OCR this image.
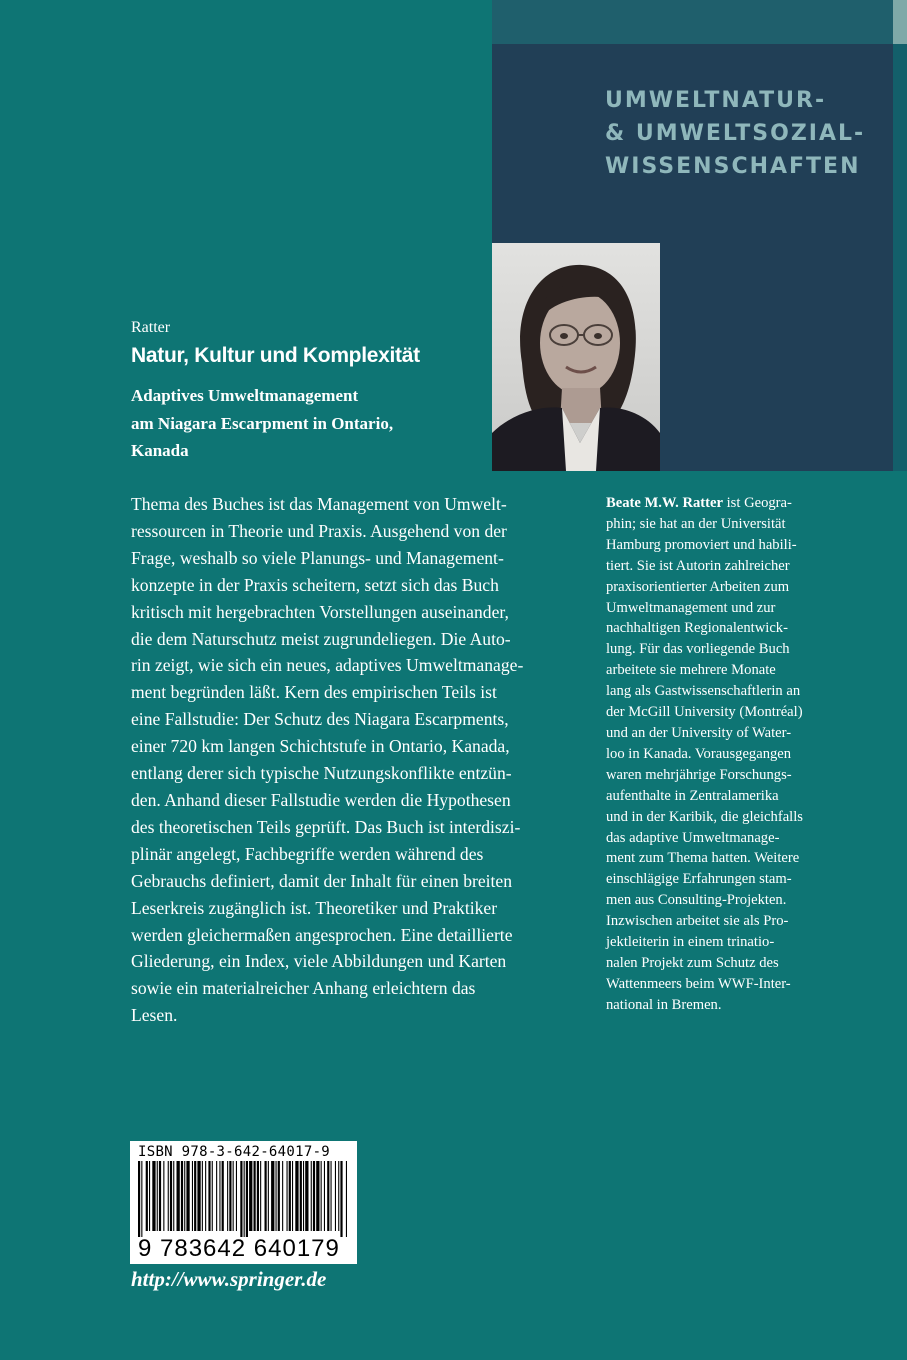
UMWELTNATUR-
& UMWELTSOZIAL-
WISSENSCHAFTEN

Ratter

Natur, Kultur und Komplexität

Adaptives Umweltmanagement
am Niagara Escarpment in Ontario,
Kanada

Thema des Buches ist das Management von Umwelt-
ressourcen in Theorie und Praxis. Ausgehend von der
Frage, weshalb so viele Planungs- und Management-
konzepte in der Praxis scheitern, setzt sich das Buch
kritisch mit hergebrachten Vorstellungen auseinander,
die dem Naturschutz meist zugrundeliegen. Die Auto-
rin zeigt, wie sich ein neues, adaptives Umweltmanage-
ment begründen läßt. Kern des empirischen Teils ist
eine Fallstudie: Der Schutz des Niagara Escarpments,
einer 720 km langen Schichtstufe in Ontario, Kanada,
entlang derer sich typische Nutzungskonflikte entzün-
den. Anhand dieser Fallstudie werden die Hypothesen
des theoretischen Teils geprüft. Das Buch ist interdiszi-
plinär angelegt, Fachbegriffe werden während des
Gebrauchs definiert, damit der Inhalt für einen breiten
Leserkreis zugänglich ist. Theoretiker und Praktiker
werden gleichermaßen angesprochen. Eine detaillierte
Gliederung, ein Index, viele Abbildungen und Karten
sowie ein materialreicher Anhang erleichtern das
Lesen.

Beate M.W. Ratter ist Geogra-
phin; sie hat an der Universität
Hamburg promoviert und habili-
tiert. Sie ist Autorin zahlreicher
praxisorientierter Arbeiten zum
Umweltmanagement und zur
nachhaltigen Regionalentwick-
lung. Für das vorliegende Buch
arbeitete sie mehrere Monate
lang als Gastwissenschaftlerin an
der McGill University (Montréal)
und an der University of Water-
loo in Kanada. Vorausgegangen
waren mehrjährige Forschungs-
aufenthalte in Zentralamerika
und in der Karibik, die gleichfalls
das adaptive Umweltmanage-
ment zum Thema hatten. Weitere
einschlägige Erfahrungen stam-
men aus Consulting-Projekten.
Inzwischen arbeitet sie als Pro-
jektleiterin in einem trinatio-
nalen Projekt zum Schutz des
Wattenmeers beim WWF-Inter-
national in Bremen.

ISBN 978-3-642-64017-9

9 783642 640179

http://www.springer.de
